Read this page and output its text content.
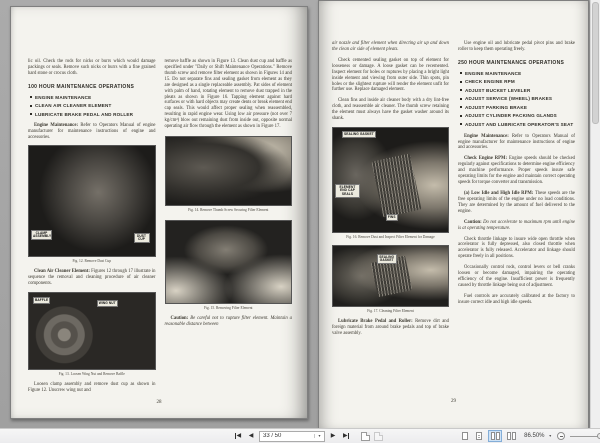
lic oil. Check the rods for nicks or burrs which would damage packings or seals. Remove such nicks or burrs with a fine grained hard stone or crocus cloth.

100 HOUR MAINTENANCE OPERATIONS
ENGINE MAINTENANCE
CLEAN AIR CLEANER ELEMENT
LUBRICATE BRAKE PEDAL AND ROLLER

Engine Maintenance: Refer to Operators Manual of engine manufacturer for maintenance instructions of engine and accessories.

CLAMP ASSEMBLY	DUST CUP
Fig. 12. Remove Dust Cup

Clean Air Cleaner Element: Figures 12 through 17 illustrate in sequence the removal and cleaning procedure of air cleaner components.

BAFFLE
WING NUT
Fig. 13. Loosen Wing Nut and Remove Baffle

Loosen clamp assembly and remove dust cup as shown in Figure 12. Unscrew wing nut and

remove baffle as shown in Figure 13. Clean dust cup and baffle as specified under "Daily or Shift Maintenance Operations." Remove thumb screw and remove filter element as shown in Figures 14 and 15. Do not separate fins and sealing gasket from element as they are designed as a single replaceable assembly. Pat sides of element with palm of hand, rotating element to remove dust trapped in the pleats as shown in Figure 16. Tapping element against hard surfaces or with hard objects may create dents or break element end cap seals. This would affect proper sealing when reassembled, resulting in rapid engine wear. Using low air pressure (not over 7 kg/cm²) blow out remaining dust from inside out, opposite normal operating air flow through the element as shown in Figure 17.

Fig. 14. Remove Thumb Screw Securing Filter Element
Fig. 15. Removing Filter Element

Caution: Be careful not to rupture filter element. Maintain a reasonable distance between

28

air nozzle and filter element when directing air up and down the clean air side of element pleats.

Check cemented sealing gasket on top of element for looseness or damage. A loose gasket can be recemented. Inspect element for holes or ruptures by placing a bright light inside element and viewing from outer side. Thin spots, pin holes or the slightest rupture will render the element unfit for further use. Replace damaged element.

Clean fins and inside air cleaner body with a dry lint-free cloth, and reassemble air cleaner. The thumb screw retaining the element must always have the gasket washer around its shank.

SEALING GASKET
ELEMENT END CAP SEALS
FINS
Fig. 16. Remove Dust and Inspect Filter Element for Damage
SEALING GASKET
Fig. 17. Cleaning Filter Element

Lubricate Brake Pedal and Roller: Remove dirt and foreign material from around brake pedals and top of brake valve assembly.

Use engine oil and lubricate pedal pivot pins and brake roller to keep them operating freely.

250 HOUR MAINTENANCE OPERATIONS
ENGINE MAINTENANCE
CHECK ENGINE RPM
ADJUST BUCKET LEVELER
ADJUST SERVICE (WHEEL) BRAKES
ADJUST PARKING BRAKE
ADJUST CYLINDER PACKING GLANDS
ADJUST AND LUBRICATE OPERATOR'S SEAT

Engine Maintenance: Refer to Operators Manual of engine manufacturer for maintenance instructions of engine and accessories.

Check Engine RPM: Engine speeds should be checked regularly against specifications to determine engine efficiency and machine performance. Proper speeds insure safe operating limits for the engine and maintain correct operating speeds for torque converter and transmission.

(a) Low Idle and High Idle RPM: These speeds are the free operating limits of the engine under no load conditions. They are determined by the amount of fuel delivered to the engine.

Caution: Do not accelerate to maximum rpm until engine is at operating temperature.

Check throttle linkage to insure wide open throttle when accelerator is fully depressed, also closed throttle when accelerator is fully released. Accelerator and linkage should operate freely in all positions.

Occasionally control rods, control levers or bell cranks loosen or become damaged, impairing the operating efficiency of the engine. Insufficient power is frequently caused by throttle linkage being out of adjustment.

Fuel controls are accurately calibrated at the factory to insure correct idle and high idle speeds.

29
◀ ◀
33 / 50	▼	▶ ▶	86.50% ▼
